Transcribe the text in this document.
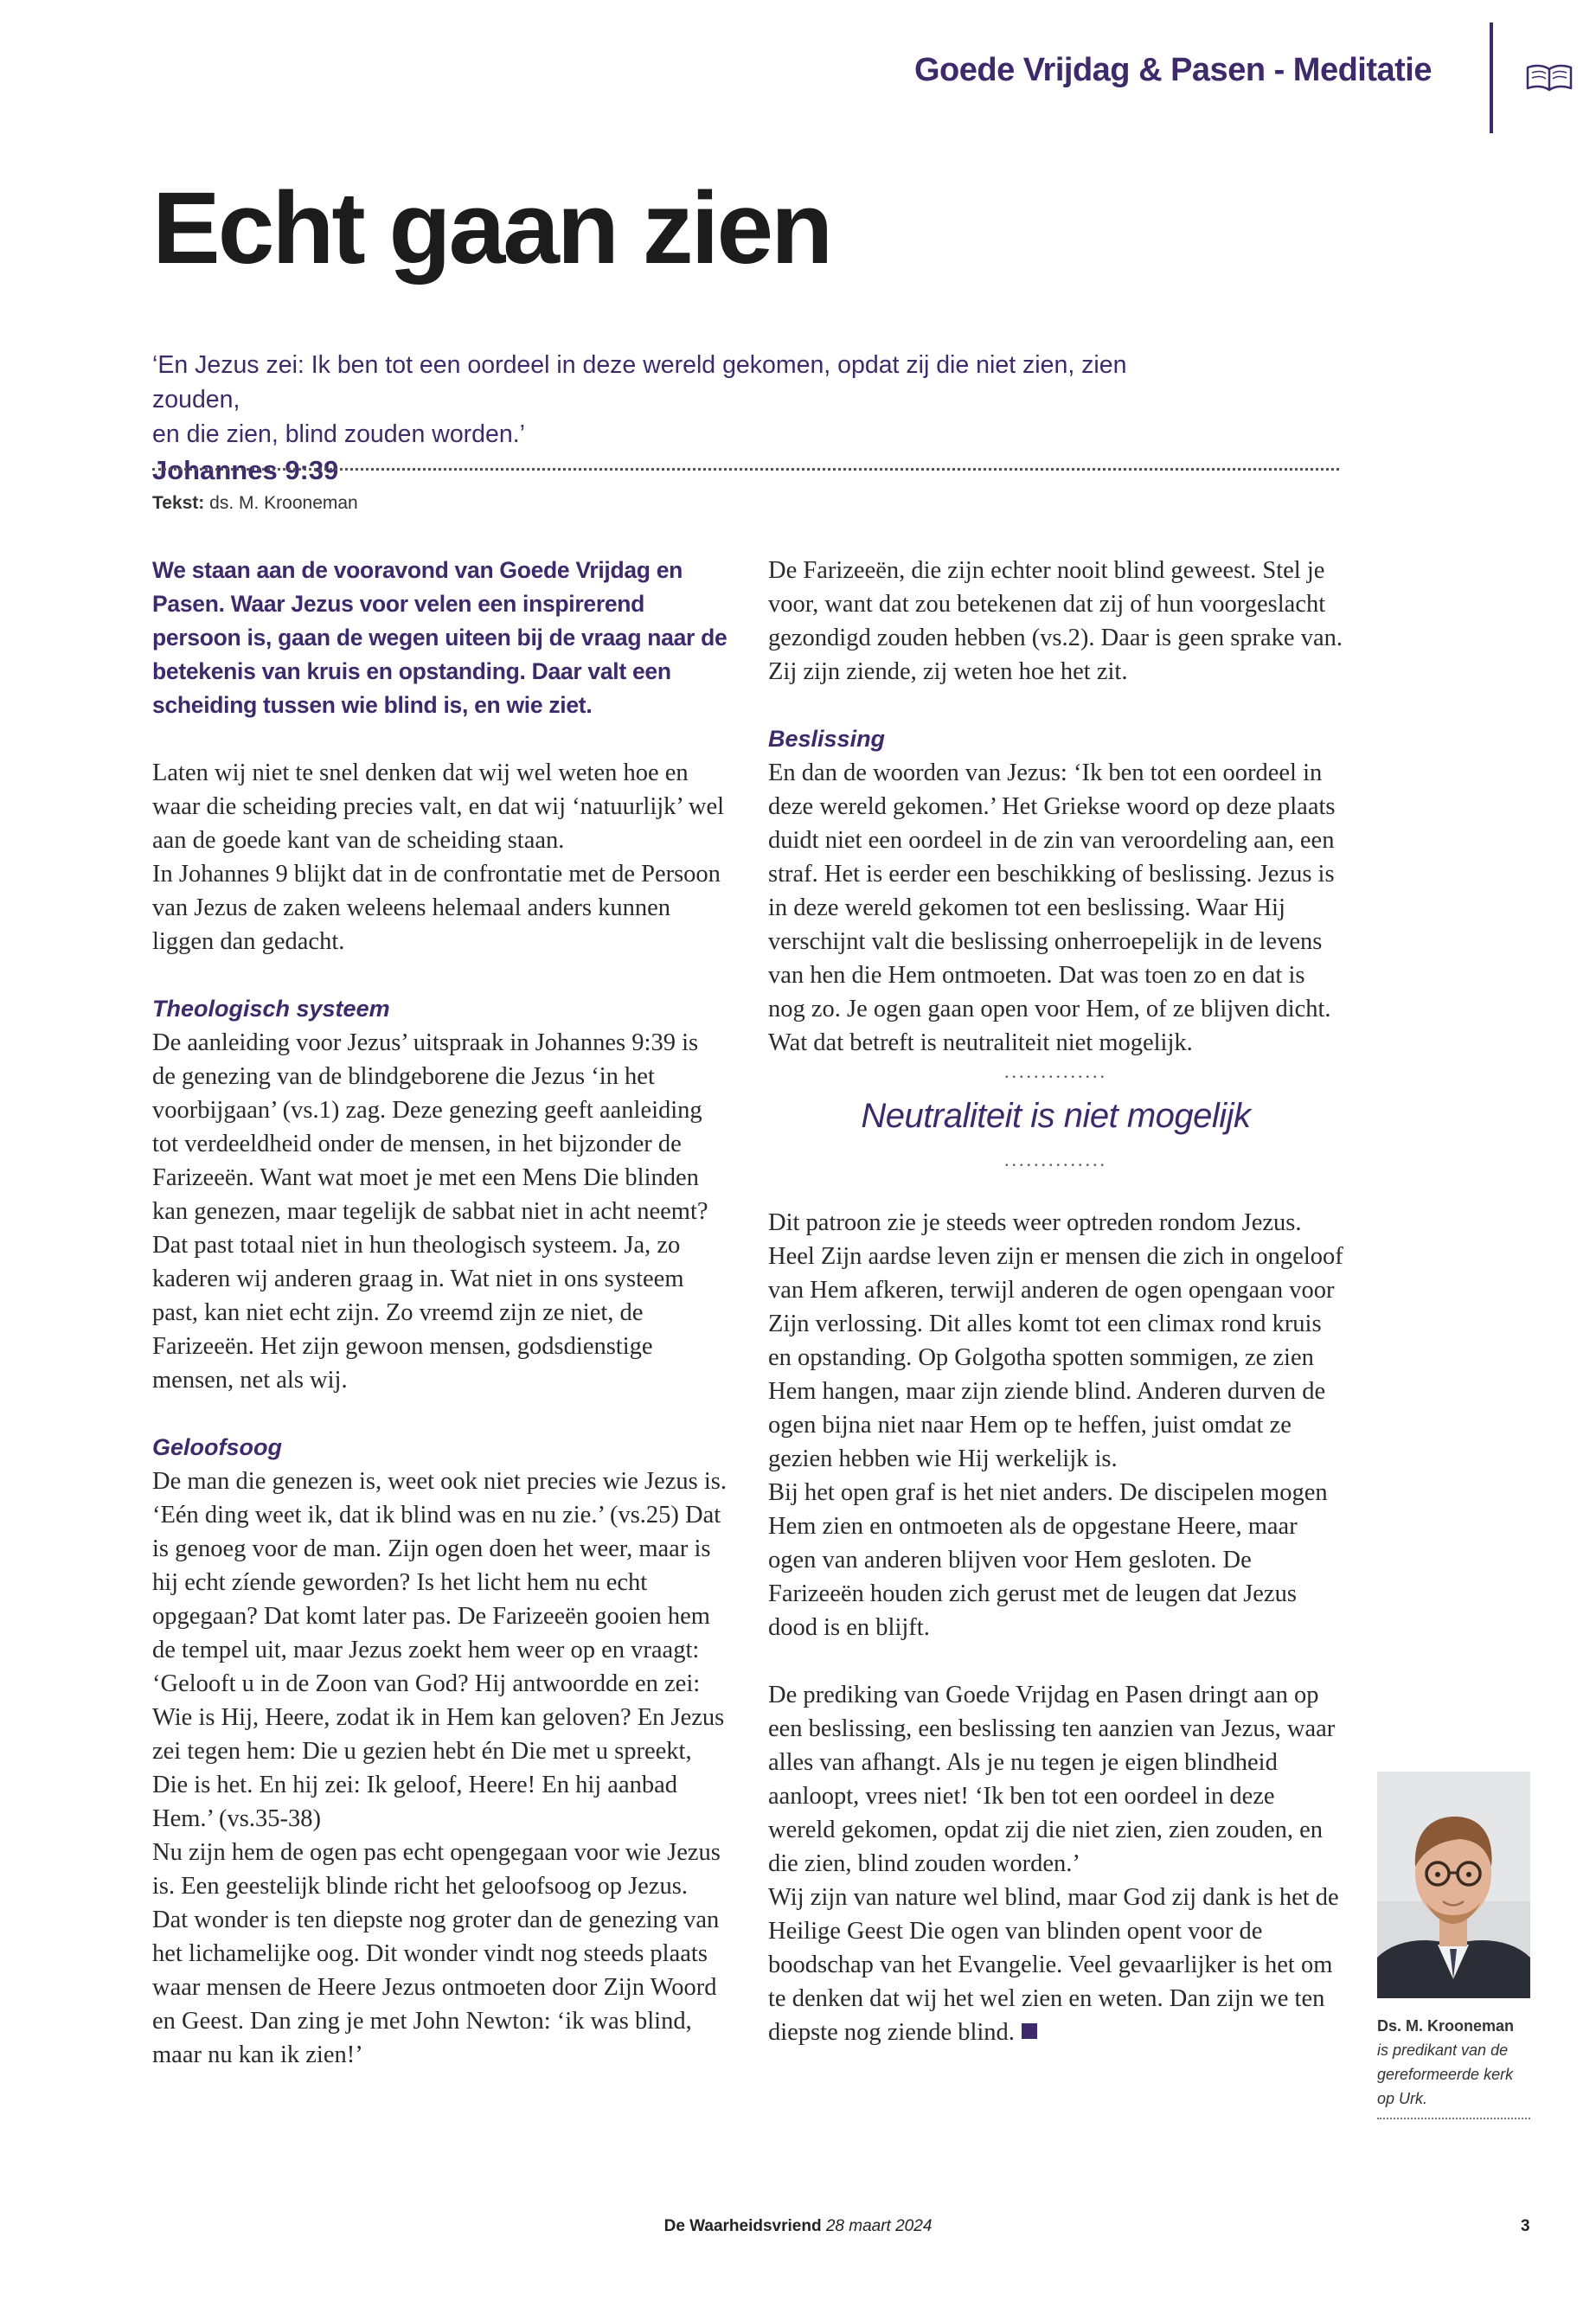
Goede Vrijdag & Pasen - Meditatie
Echt gaan zien
‘En Jezus zei: Ik ben tot een oordeel in deze wereld gekomen, opdat zij die niet zien, zien zouden,
en die zien, blind zouden worden.’
Johannes 9:39
Tekst: ds. M. Krooneman

We staan aan de vooravond van Goede Vrijdag en Pasen. Waar Jezus voor velen een inspirerend persoon is, gaan de wegen uiteen bij de vraag naar de betekenis van kruis en opstanding. Daar valt een scheiding tussen wie blind is, en wie ziet.

Laten wij niet te snel denken dat wij wel weten hoe en waar die scheiding precies valt, en dat wij ‘natuurlijk’ wel aan de goede kant van de scheiding staan.

In Johannes 9 blijkt dat in de confrontatie met de Persoon van Jezus de zaken weleens helemaal anders kunnen liggen dan gedacht.

Theologisch systeem

De aanleiding voor Jezus’ uitspraak in Johannes 9:39 is de genezing van de blindgeborene die Jezus ‘in het voorbijgaan’ (vs.1) zag. Deze genezing geeft aanleiding tot verdeeldheid onder de mensen, in het bijzonder de Farizeeën. Want wat moet je met een Mens Die blinden kan genezen, maar tegelijk de sabbat niet in acht neemt? Dat past totaal niet in hun theologisch systeem. Ja, zo kaderen wij anderen graag in. Wat niet in ons systeem past, kan niet echt zijn. Zo vreemd zijn ze niet, de Farizeeën. Het zijn gewoon mensen, godsdienstige mensen, net als wij.

Geloofsoog

De man die genezen is, weet ook niet precies wie Jezus is. ‘Eén ding weet ik, dat ik blind was en nu zie.’ (vs.25) Dat is genoeg voor de man. Zijn ogen doen het weer, maar is hij echt zíende geworden? Is het licht hem nu echt opgegaan? Dat komt later pas. De Farizeeën gooien hem de tempel uit, maar Jezus zoekt hem weer op en vraagt: ‘Gelooft u in de Zoon van God? Hij antwoordde en zei: Wie is Hij, Heere, zodat ik in Hem kan geloven? En Jezus zei tegen hem: Die u gezien hebt én Die met u spreekt, Die is het. En hij zei: Ik geloof, Heere! En hij aanbad Hem.’ (vs.35-38)

Nu zijn hem de ogen pas echt opengegaan voor wie Jezus is. Een geestelijk blinde richt het geloofsoog op Jezus. Dat wonder is ten diepste nog groter dan de genezing van het lichamelijke oog. Dit wonder vindt nog steeds plaats waar mensen de Heere Jezus ontmoeten door Zijn Woord en Geest. Dan zing je met John Newton: ‘ik was blind, maar nu kan ik zien!’

De Farizeeën, die zijn echter nooit blind geweest. Stel je voor, want dat zou betekenen dat zij of hun voorgeslacht gezondigd zouden hebben (vs.2). Daar is geen sprake van. Zij zijn ziende, zij weten hoe het zit.

Beslissing

En dan de woorden van Jezus: ‘Ik ben tot een oordeel in deze wereld gekomen.’ Het Griekse woord op deze plaats duidt niet een oordeel in de zin van veroordeling aan, een straf. Het is eerder een beschikking of beslissing. Jezus is in deze wereld gekomen tot een beslissing. Waar Hij verschijnt valt die beslissing onherroepelijk in de levens van hen die Hem ontmoeten. Dat was toen zo en dat is nog zo. Je ogen gaan open voor Hem, of ze blijven dicht. Wat dat betreft is neutraliteit niet mogelijk.

..............
Neutraliteit is niet mogelijk
..............

Dit patroon zie je steeds weer optreden rondom Jezus. Heel Zijn aardse leven zijn er mensen die zich in ongeloof van Hem afkeren, terwijl anderen de ogen opengaan voor Zijn verlossing. Dit alles komt tot een climax rond kruis en opstanding. Op Golgotha spotten sommigen, ze zien Hem hangen, maar zijn ziende blind. Anderen durven de ogen bijna niet naar Hem op te heffen, juist omdat ze gezien hebben wie Hij werkelijk is.

Bij het open graf is het niet anders. De discipelen mogen Hem zien en ontmoeten als de opgestane Heere, maar ogen van anderen blijven voor Hem gesloten. De Farizeeën houden zich gerust met de leugen dat Jezus dood is en blijft.

De prediking van Goede Vrijdag en Pasen dringt aan op een beslissing, een beslissing ten aanzien van Jezus, waar alles van afhangt. Als je nu tegen je eigen blindheid aanloopt, vrees niet! ‘Ik ben tot een oordeel in deze wereld gekomen, opdat zij die niet zien, zien zouden, en die zien, blind zouden worden.’

Wij zijn van nature wel blind, maar God zij dank is het de Heilige Geest Die ogen van blinden opent voor de boodschap van het Evangelie. Veel gevaarlijker is het om te denken dat wij het wel zien en weten. Dan zijn we ten diepste nog ziende blind.	Ds. M. Krooneman
is predikant van de gereformeerde kerk op Urk.
De Waarheidsvriend 28 maart 2024	3
